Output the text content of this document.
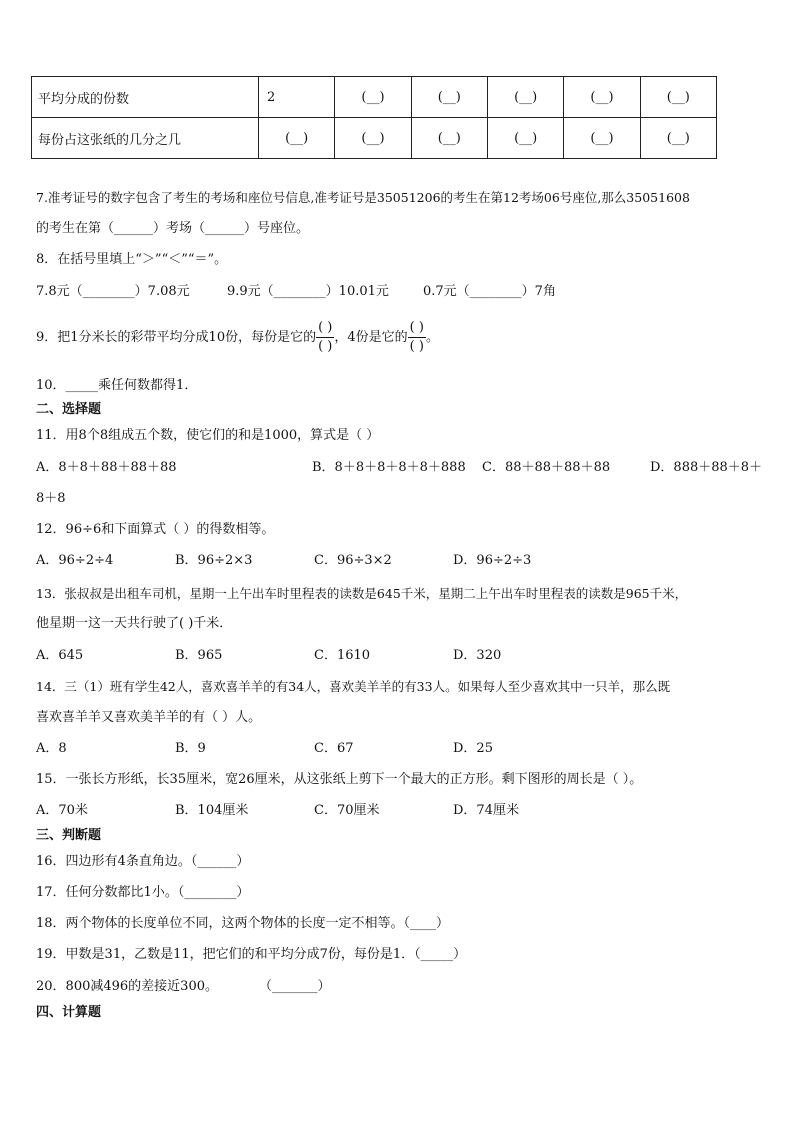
平均分成的份数	2	(__)	(__)	(__)	(__)	(__)
每份占这张纸的几分之几	(__)	(__)	(__)	(__)	(__)	(__)
7.准考证号的数字包含了考生的考场和座位号信息,准考证号是35051206的考生在第12考场06号座位,那么35051608
的考生在第（______）考场（______）号座位。
8．在括号里填上“＞”“＜”“＝”。
7.8元（________）7.08元	9.9元（________）10.01元	0.7元（________）7角
9．把1分米长的彩带平均分成10份，每份是它的 $\frac{( )}{( )}$ ，4份是它的 $\frac{( )}{( )}$ 。
10．_____乘任何数都得1．
二、选择题
11．用8个8组成五个数，使它们的和是1000，算式是（ ）
A．8＋8＋88＋88＋88	B．8＋8＋8＋8＋8＋888 C．88＋88＋88＋88	D．888＋88＋8＋
8＋8
12．96÷6和下面算式（ ）的得数相等。
A．96÷2÷4	B．96÷2×3	C．96÷3×2	D．96÷2÷3
13．张叔叔是出租车司机，星期一上午出车时里程表的读数是645千米，星期二上午出车时里程表的读数是965千米，
他星期一这一天共行驶了( )千米．
A．645	B．965	C．1610	D．320
14．三（1）班有学生42人，喜欢喜羊羊的有34人，喜欢美羊羊的有33人。如果每人至少喜欢其中一只羊，那么既
喜欢喜羊羊又喜欢美羊羊的有（ ）人。
A．8	B．9	C．67	D．25
15．一张长方形纸，长35厘米，宽26厘米，从这张纸上剪下一个最大的正方形。剩下图形的周长是（ ）。
A．70米	B．104厘米	C．70厘米	D．74厘米
三、判断题
16．四边形有4条直角边。（______）
17．任何分数都比1小。（________）
18．两个物体的长度单位不同，这两个物体的长度一定不相等。（____）
19．甲数是31，乙数是11，把它们的和平均分成7份，每份是1．（_____）
20．800减496的差接近300。	（_______）
四、计算题
